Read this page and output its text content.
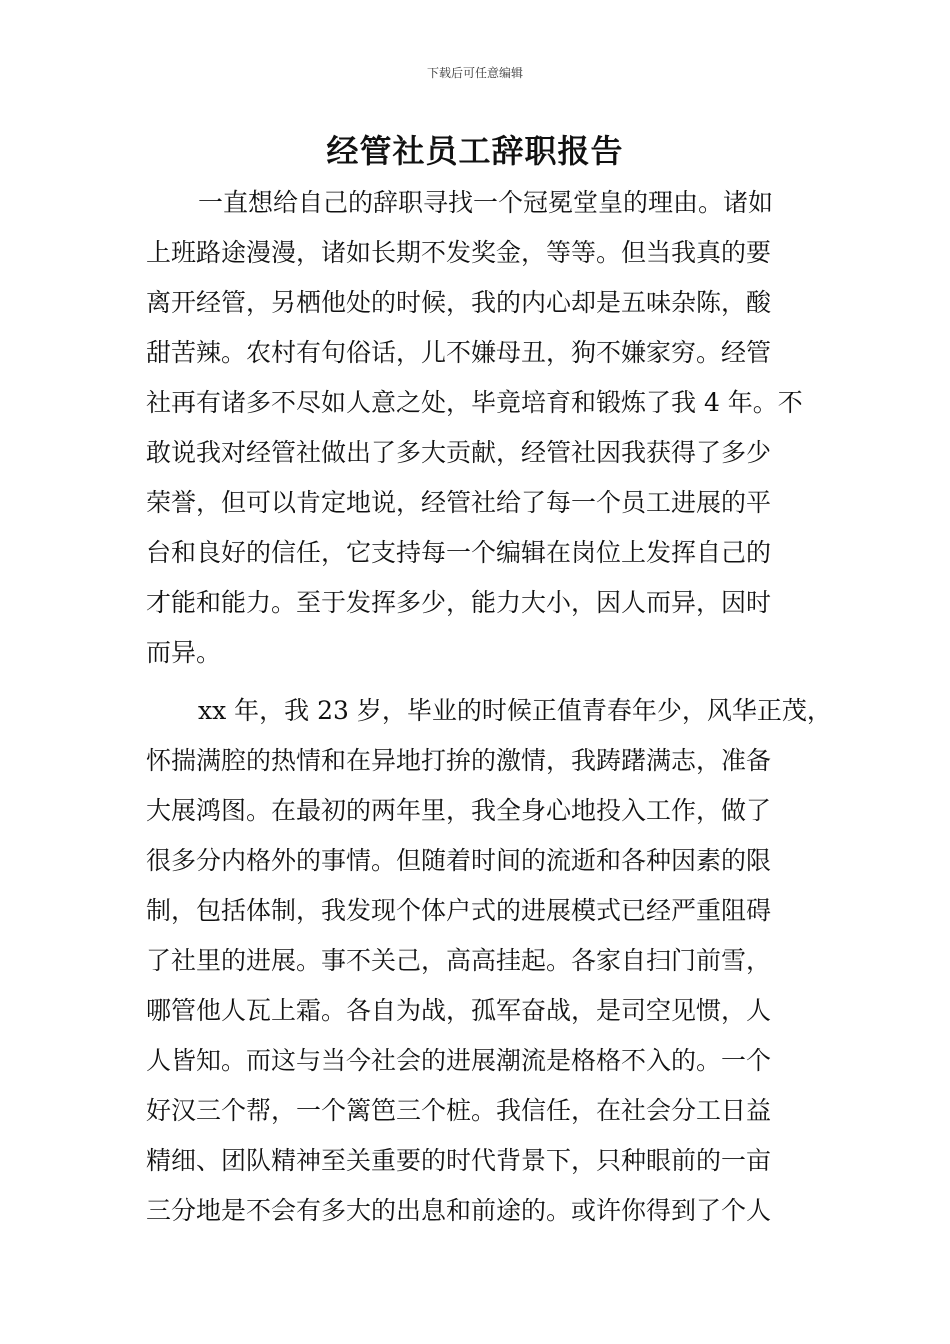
下载后可任意编辑
经管社员工辞职报告
一直想给自己的辞职寻找一个冠冕堂皇的理由。诸如
上班路途漫漫，诸如长期不发奖金，等等。但当我真的要
离开经管，另栖他处的时候，我的内心却是五味杂陈，酸
甜苦辣。农村有句俗话，儿不嫌母丑，狗不嫌家穷。经管
社再有诸多不尽如人意之处，毕竟培育和锻炼了我 4 年。不
敢说我对经管社做出了多大贡献，经管社因我获得了多少
荣誉，但可以肯定地说，经管社给了每一个员工进展的平
台和良好的信任，它支持每一个编辑在岗位上发挥自己的
才能和能力。至于发挥多少，能力大小，因人而异，因时
而异。
xx 年，我 23 岁，毕业的时候正值青春年少，风华正茂，
怀揣满腔的热情和在异地打拚的激情，我踌躇满志，准备
大展鸿图。在最初的两年里，我全身心地投入工作，做了
很多分内格外的事情。但随着时间的流逝和各种因素的限
制，包括体制，我发现个体户式的进展模式已经严重阻碍
了社里的进展。事不关己，高高挂起。各家自扫门前雪，
哪管他人瓦上霜。各自为战，孤军奋战，是司空见惯，人
人皆知。而这与当今社会的进展潮流是格格不入的。一个
好汉三个帮，一个篱笆三个桩。我信任，在社会分工日益
精细、团队精神至关重要的时代背景下，只种眼前的一亩
三分地是不会有多大的出息和前途的。或许你得到了个人
